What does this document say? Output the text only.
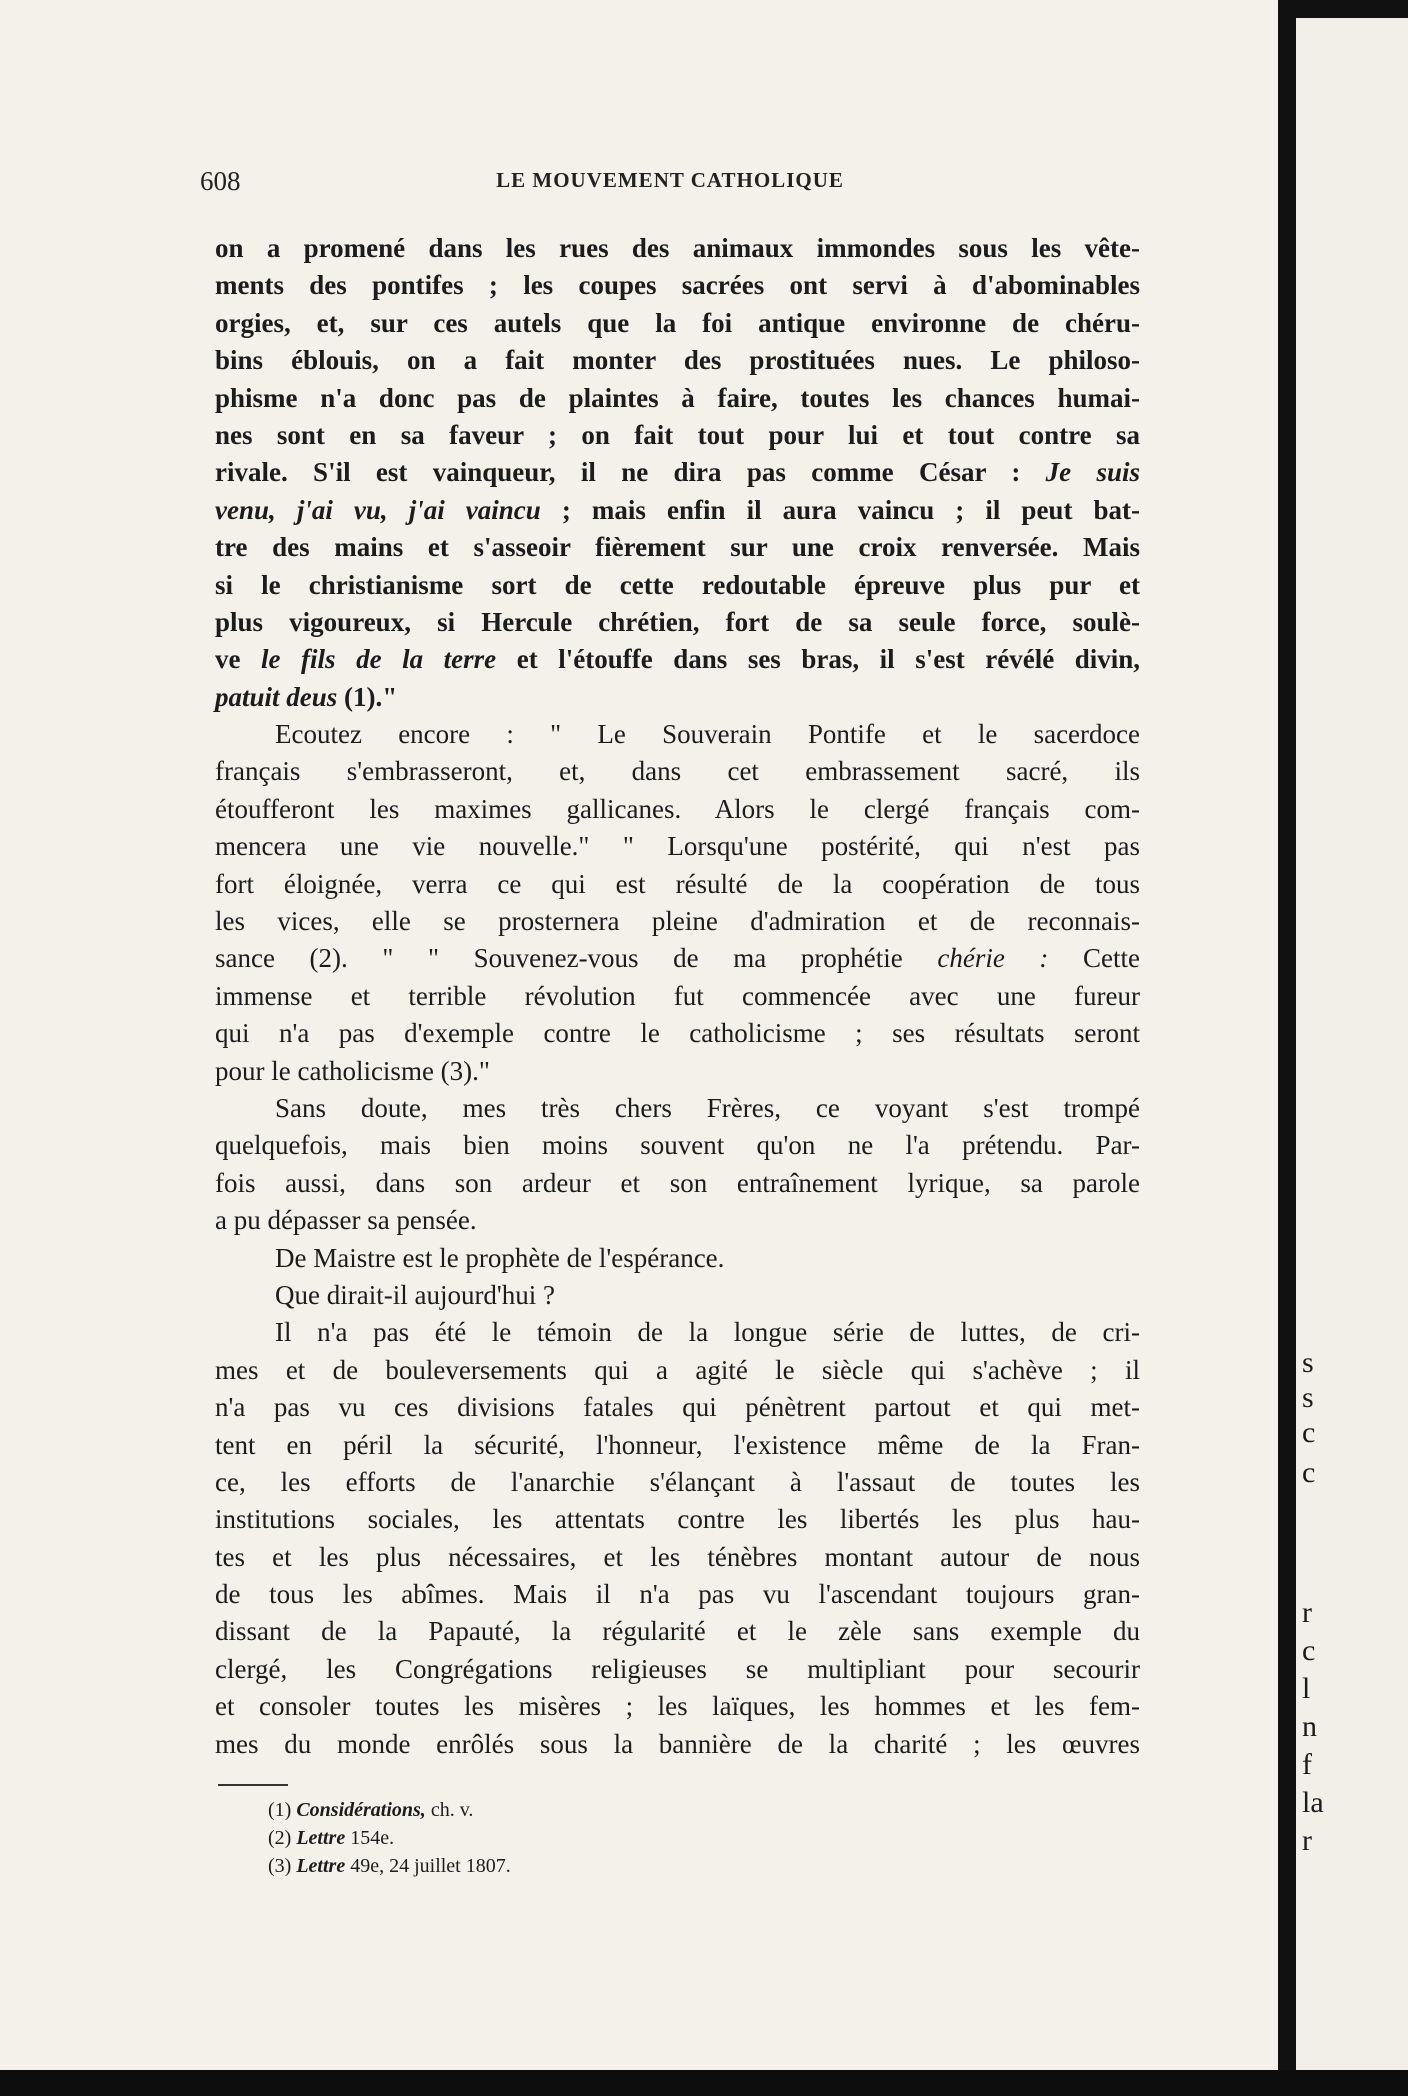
608	LE MOUVEMENT CATHOLIQUE
on a promené dans les rues des animaux immondes sous les vête-
ments des pontifes ; les coupes sacrées ont servi à d'abominables
orgies, et, sur ces autels que la foi antique environne de chéru-
bins éblouis, on a fait monter des prostituées nues. Le philoso-
phisme n'a donc pas de plaintes à faire, toutes les chances humai-
nes sont en sa faveur ; on fait tout pour lui et tout contre sa
rivale. S'il est vainqueur, il ne dira pas comme César : Je suis
venu, j'ai vu, j'ai vaincu ; mais enfin il aura vaincu ; il peut bat-
tre des mains et s'asseoir fièrement sur une croix renversée. Mais
si le christianisme sort de cette redoutable épreuve plus pur et
plus vigoureux, si Hercule chrétien, fort de sa seule force, soulè-
ve le fils de la terre et l'étouffe dans ses bras, il s'est révélé divin,
patuit deus (1)."
Ecoutez encore : " Le Souverain Pontife et le sacerdoce
français s'embrasseront, et, dans cet embrassement sacré, ils
étoufferont les maximes gallicanes. Alors le clergé français com-
mencera une vie nouvelle." " Lorsqu'une postérité, qui n'est pas
fort éloignée, verra ce qui est résulté de la coopération de tous
les vices, elle se prosternera pleine d'admiration et de reconnais-
sance (2). " " Souvenez-vous de ma prophétie chérie : Cette
immense et terrible révolution fut commencée avec une fureur
qui n'a pas d'exemple contre le catholicisme ; ses résultats seront
pour le catholicisme (3)."
Sans doute, mes très chers Frères, ce voyant s'est trompé
quelquefois, mais bien moins souvent qu'on ne l'a prétendu. Par-
fois aussi, dans son ardeur et son entraînement lyrique, sa parole
a pu dépasser sa pensée.
De Maistre est le prophète de l'espérance.
Que dirait-il aujourd'hui ?
Il n'a pas été le témoin de la longue série de luttes, de cri-
mes et de bouleversements qui a agité le siècle qui s'achève ; il
n'a pas vu ces divisions fatales qui pénètrent partout et qui met-
tent en péril la sécurité, l'honneur, l'existence même de la Fran-
ce, les efforts de l'anarchie s'élançant à l'assaut de toutes les
institutions sociales, les attentats contre les libertés les plus hau-
tes et les plus nécessaires, et les ténèbres montant autour de nous
de tous les abîmes. Mais il n'a pas vu l'ascendant toujours gran-
dissant de la Papauté, la régularité et le zèle sans exemple du
clergé, les Congrégations religieuses se multipliant pour secourir
et consoler toutes les misères ; les laïques, les hommes et les fem-
mes du monde enrôlés sous la bannière de la charité ; les œuvres
(1) Considérations, ch. v.
(2) Lettre 154e.
(3) Lettre 49e, 24 juillet 1807.
s
s
c
c
r
c
l
n
f
la
r
